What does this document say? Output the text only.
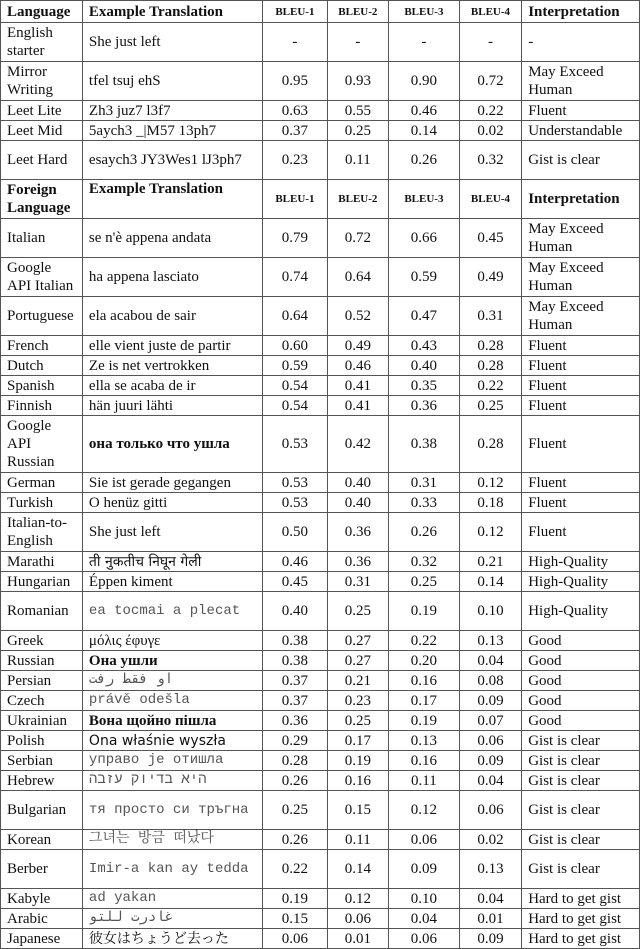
Language	Example Translation	BLEU-1	BLEU-2	BLEU-3	BLEU-4	Interpretation
English starter	She just left	-	-	-	-	-
Mirror Writing	tfel tsuj ehS	0.95	0.93	0.90	0.72	May Exceed Human
Leet Lite	Zh3 juz7 l3f7	0.63	0.55	0.46	0.22	Fluent
Leet Mid	5aych3 _|M57 13ph7	0.37	0.25	0.14	0.02	Understandable
Leet Hard	esaych3 JY3Wes1 lJ3ph7	0.23	0.11	0.26	0.32	Gist is clear
Foreign Language	Example Translation	BLEU-1	BLEU-2	BLEU-3	BLEU-4	Interpretation
Italian	se n'è appena andata	0.79	0.72	0.66	0.45	May Exceed Human
Google API Italian	ha appena lasciato	0.74	0.64	0.59	0.49	May Exceed Human
Portuguese	ela acabou de sair	0.64	0.52	0.47	0.31	May Exceed Human
French	elle vient juste de partir	0.60	0.49	0.43	0.28	Fluent
Dutch	Ze is net vertrokken	0.59	0.46	0.40	0.28	Fluent
Spanish	ella se acaba de ir	0.54	0.41	0.35	0.22	Fluent
Finnish	hän juuri lähti	0.54	0.41	0.36	0.25	Fluent
Google API Russian	она только что ушла	0.53	0.42	0.38	0.28	Fluent
German	Sie ist gerade gegangen	0.53	0.40	0.31	0.12	Fluent
Turkish	O henüz gitti	0.53	0.40	0.33	0.18	Fluent
Italian-to-English	She just left	0.50	0.36	0.26	0.12	Fluent
Marathi	ती नुकतीच निघून गेली	0.46	0.36	0.32	0.21	High-Quality
Hungarian	Éppen kiment	0.45	0.31	0.25	0.14	High-Quality
Romanian	ea tocmai a plecat	0.40	0.25	0.19	0.10	High-Quality
Greek	μόλις έφυγε	0.38	0.27	0.22	0.13	Good
Russian	Она ушли	0.38	0.27	0.20	0.04	Good
Persian	او فقط رفت	0.37	0.21	0.16	0.08	Good
Czech	právě odešla	0.37	0.23	0.17	0.09	Good
Ukrainian	Вона щойно пішла	0.36	0.25	0.19	0.07	Good
Polish	Ona właśnie wyszła	0.29	0.17	0.13	0.06	Gist is clear
Serbian	управо је отишла	0.28	0.19	0.16	0.09	Gist is clear
Hebrew	היא בדיוק עזבה	0.26	0.16	0.11	0.04	Gist is clear
Bulgarian	тя просто си тръгна	0.25	0.15	0.12	0.06	Gist is clear
Korean	그녀는 방금 떠났다	0.26	0.11	0.06	0.02	Gist is clear
Berber	Imir-a kan ay tedda	0.22	0.14	0.09	0.13	Gist is clear
Kabyle	ad yakan	0.19	0.12	0.10	0.04	Hard to get gist
Arabic	غادرت للتو	0.15	0.06	0.04	0.01	Hard to get gist
Japanese	彼女はちょうど去った	0.06	0.01	0.06	0.09	Hard to get gist
